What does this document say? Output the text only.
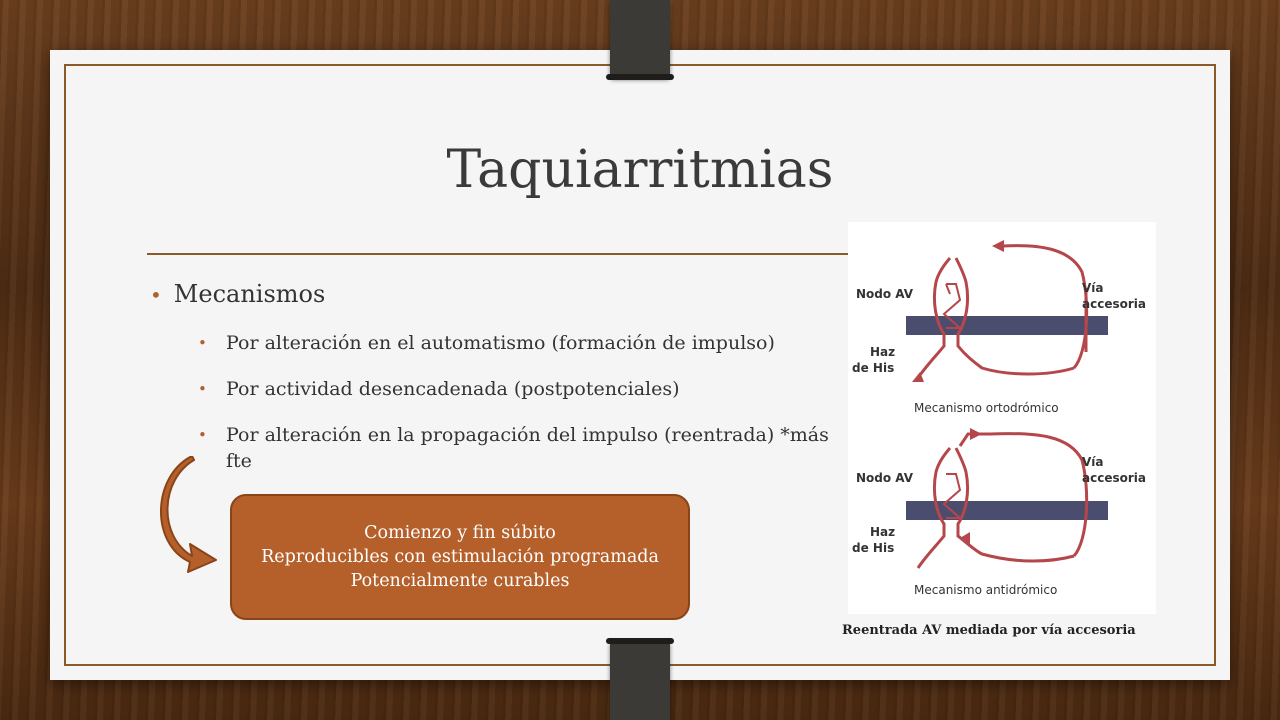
Taquiarritmias
• Mecanismos
• Por alteración en el automatismo (formación de impulso)
• Por actividad desencadenada (postpotenciales)
• Por alteración en la propagación del impulso (reentrada) *más fte
Comienzo y fin súbito
Reproducibles con estimulación programada
Potencialmente curables
Nodo AV	Vía
accesoria
Haz
de His
Mecanismo ortodrómico
Nodo AV
Vía
accesoria
Haz
de His
Mecanismo antidrómico
Reentrada AV mediada por vía accesoria
